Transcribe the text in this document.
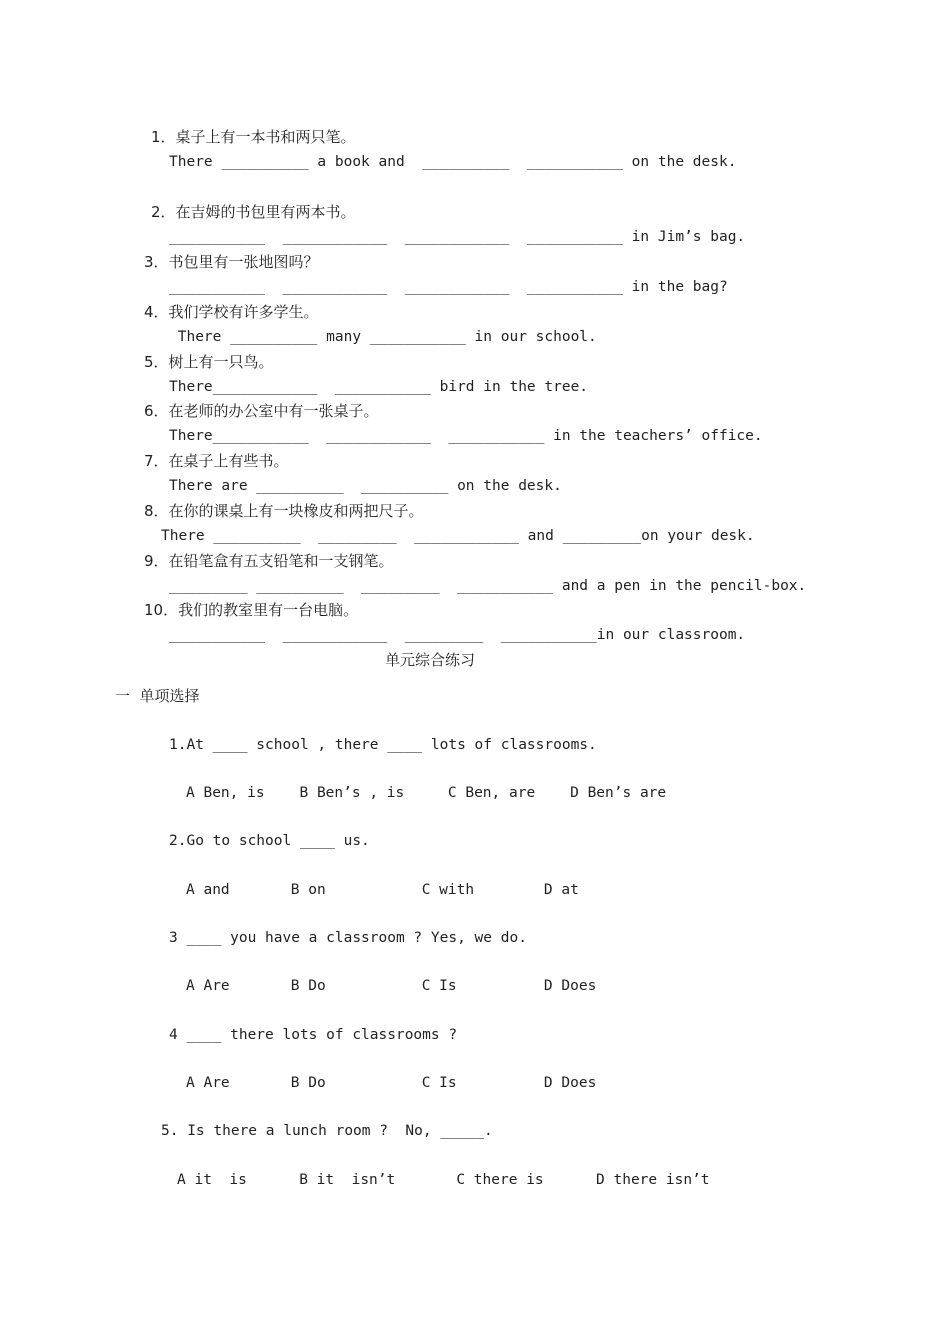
1．桌子上有一本书和两只笔。
There __________ a book and  __________  ___________ on the desk.
2．在吉姆的书包里有两本书。
___________  ____________  ____________  ___________ in Jim’s bag.
3．书包里有一张地图吗？
___________  ____________  ____________  ___________ in the bag?
4．我们学校有许多学生。
There __________ many ___________ in our school.
5．树上有一只鸟。
There____________  ___________ bird in the tree.
6．在老师的办公室中有一张桌子。
There___________  ____________  ___________ in the teachers’ office.
7．在桌子上有些书。
There are __________  __________ on the desk.
8．在你的课桌上有一块橡皮和两把尺子。
There __________  _________  ____________ and _________on your desk.
9．在铅笔盒有五支铅笔和一支钢笔。
_________ __________  _________  ___________ and a pen in the pencil-box.
10．我们的教室里有一台电脑。
___________  ____________  _________  ___________in our classroom.
单元综合练习
一  单项选择
1.At ____ school , there ____ lots of classrooms.
A Ben, is    B Ben’s , is     C Ben, are    D Ben’s are
2.Go to school ____ us.
A and       B on           C with        D at
3 ____ you have a classroom ? Yes, we do.
A Are       B Do           C Is          D Does
4 ____ there lots of classrooms ?
A Are       B Do           C Is          D Does
5. Is there a lunch room ?  No, _____.
A it  is      B it  isn’t       C there is      D there isn’t
